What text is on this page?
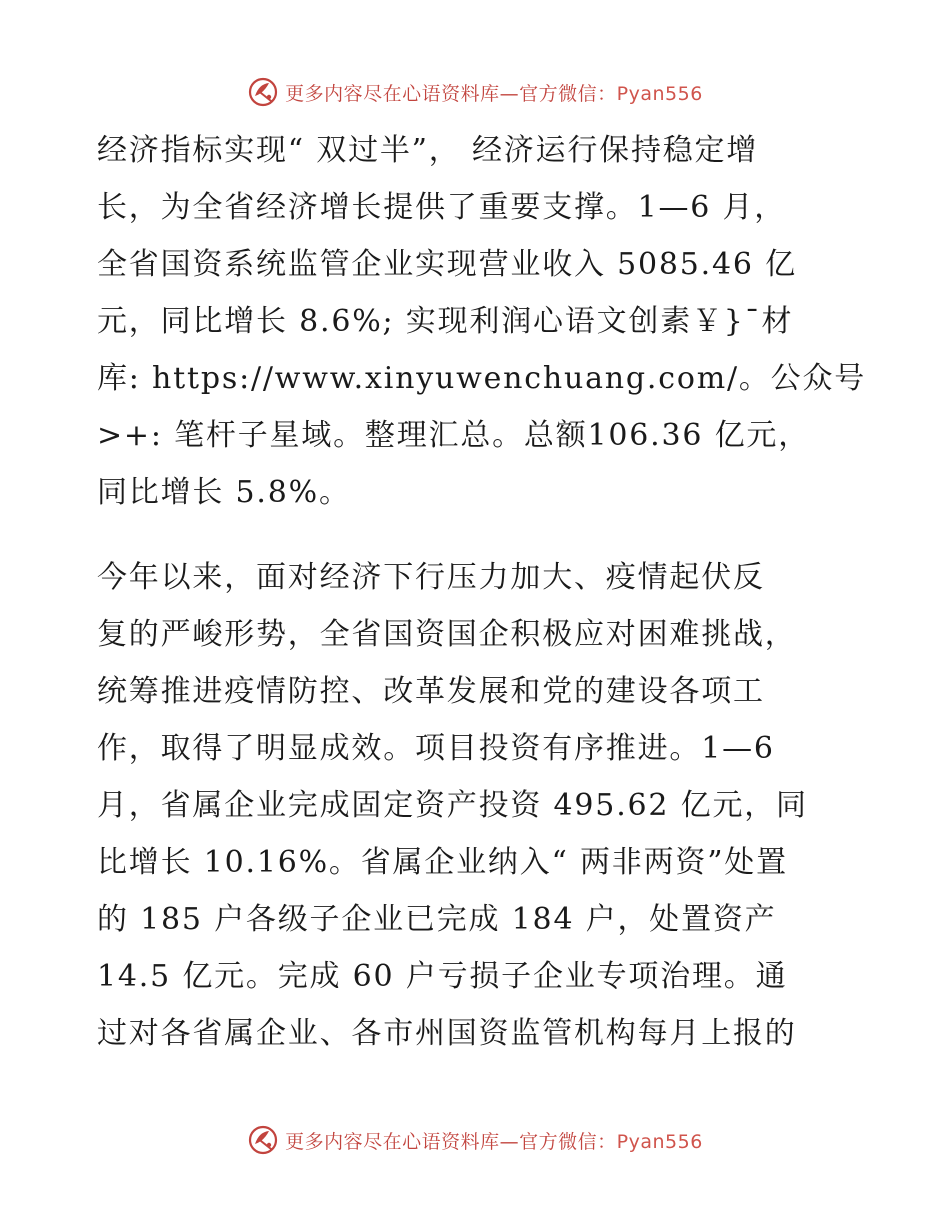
更多内容尽在心语资料库—官方微信：Pyan556
经济指标实现“ 双过半”， 经济运行保持稳定增
长，为全省经济增长提供了重要支撑。1—6 月，
全省国资系统监管企业实现营业收入 5085.46 亿
元，同比增长 8.6%; 实现利润心语文创素￥}¯材
库: https://www.xinyuwenchuang.com/。公众号
>+: 笔杆子星域。整理汇总。总额106.36 亿元，
同比增长 5.8%。
今年以来，面对经济下行压力加大、疫情起伏反
复的严峻形势，全省国资国企积极应对困难挑战，
统筹推进疫情防控、改革发展和党的建设各项工
作，取得了明显成效。项目投资有序推进。1—6
月，省属企业完成固定资产投资 495.62 亿元，同
比增长 10.16%。省属企业纳入“ 两非两资”处置
的 185 户各级子企业已完成 184 户，处置资产
14.5 亿元。完成 60 户亏损子企业专项治理。通
过对各省属企业、各市州国资监管机构每月上报的
更多内容尽在心语资料库—官方微信：Pyan556
